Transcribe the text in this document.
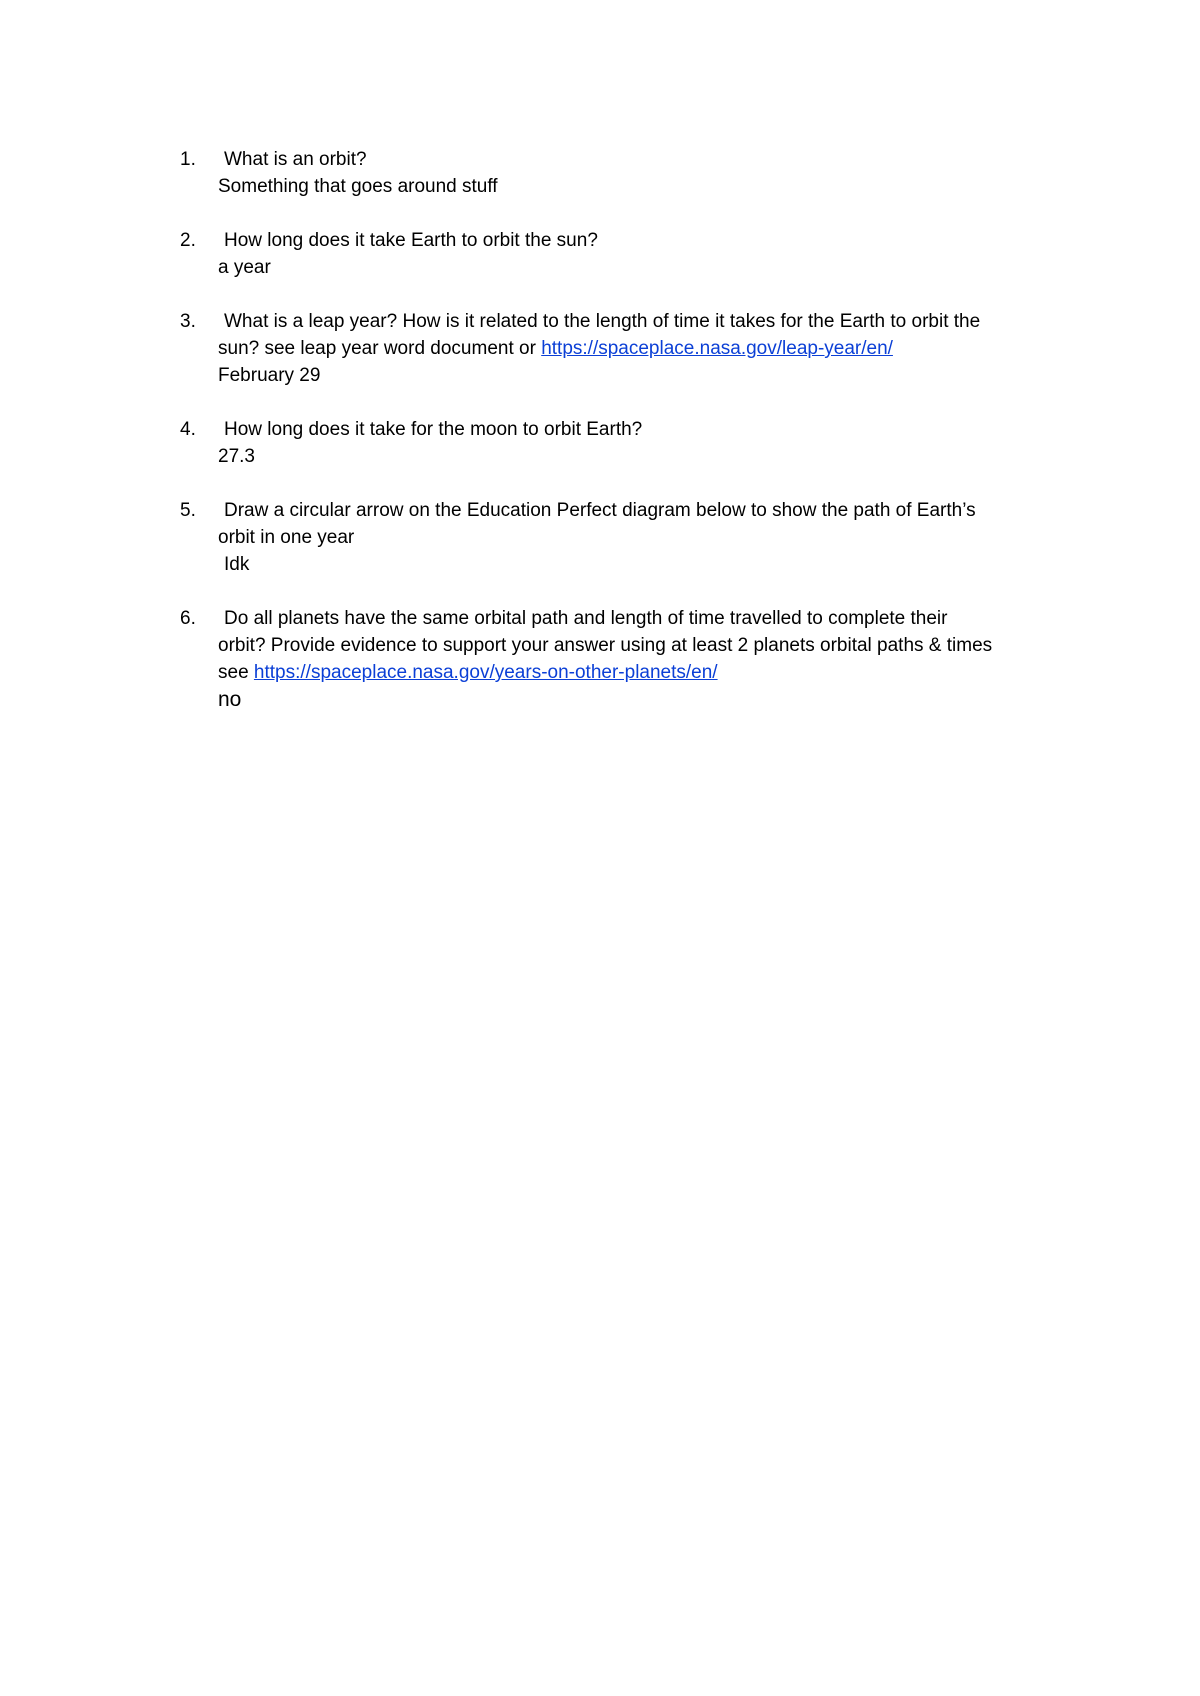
1.	What is an orbit?
Something that goes around stuff
2.	How long does it take Earth to orbit the sun?
a year
3.	What is a leap year? How is it related to the length of time it takes for the Earth to orbit the
sun? see leap year word document or https://spaceplace.nasa.gov/leap-year/en/
February 29
4.	How long does it take for the moon to orbit Earth?
27.3
5.	Draw a circular arrow on the Education Perfect diagram below to show the path of Earth’s
orbit in one year
Idk
6.	Do all planets have the same orbital path and length of time travelled to complete their
orbit? Provide evidence to support your answer using at least 2 planets orbital paths & times
see https://spaceplace.nasa.gov/years-on-other-planets/en/
no
